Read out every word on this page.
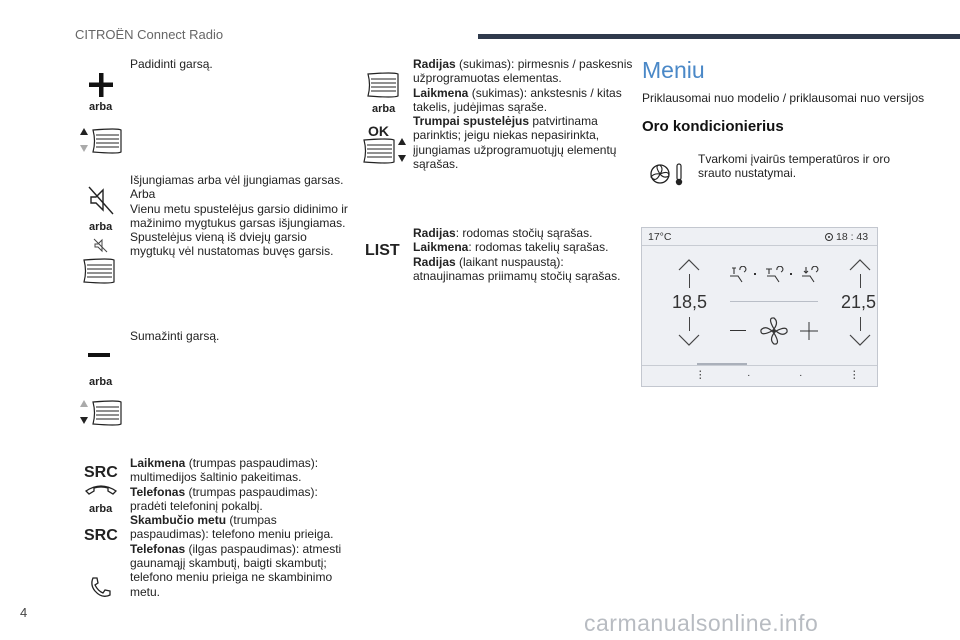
CITROËN Connect Radio
arba
Padidinti garsą.
arba
Išjungiamas arba vėl įjungiamas garsas.
Arba
Vienu metu spustelėjus garsio didinimo ir
mažinimo mygtukus garsas išjungiamas.
Spustelėjus vieną iš dviejų garsio
mygtukų vėl nustatomas buvęs garsis.
arba
Sumažinti garsą.
SRC
arba
SRC
Laikmena (trumpas paspaudimas):
multimedijos šaltinio pakeitimas.
Telefonas (trumpas paspaudimas):
pradėti telefoninį pokalbį.
Skambučio metu (trumpas
paspaudimas): telefono meniu prieiga.
Telefonas (ilgas paspaudimas): atmesti
gaunamąjį skambutį, baigti skambutį;
telefono meniu prieiga ne skambinimo
metu.
arba
OK
Radijas (sukimas): pirmesnis / paskesnis
užprogramuotas elementas.
Laikmena (sukimas): ankstesnis / kitas
takelis, judėjimas sąraše.
Trumpai spustelėjus patvirtinama
parinktis; jeigu niekas nepasirinkta,
įjungiamas užprogramuotųjų elementų
sąrašas.
LIST
Radijas: rodomas stočių sąrašas.
Laikmena: rodomas takelių sąrašas.
Radijas (laikant nuspaustą):
atnaujinamas priimamų stočių sąrašas.
Meniu
Priklausomai nuo modelio / priklausomai nuo versijos
Oro kondicionierius
Tvarkomi įvairūs temperatūros ir oro
srauto nustatymai.
17°C	18 : 43
18,5	21,5
⋮	·	·	⋮
4	carmanualsonline.info
